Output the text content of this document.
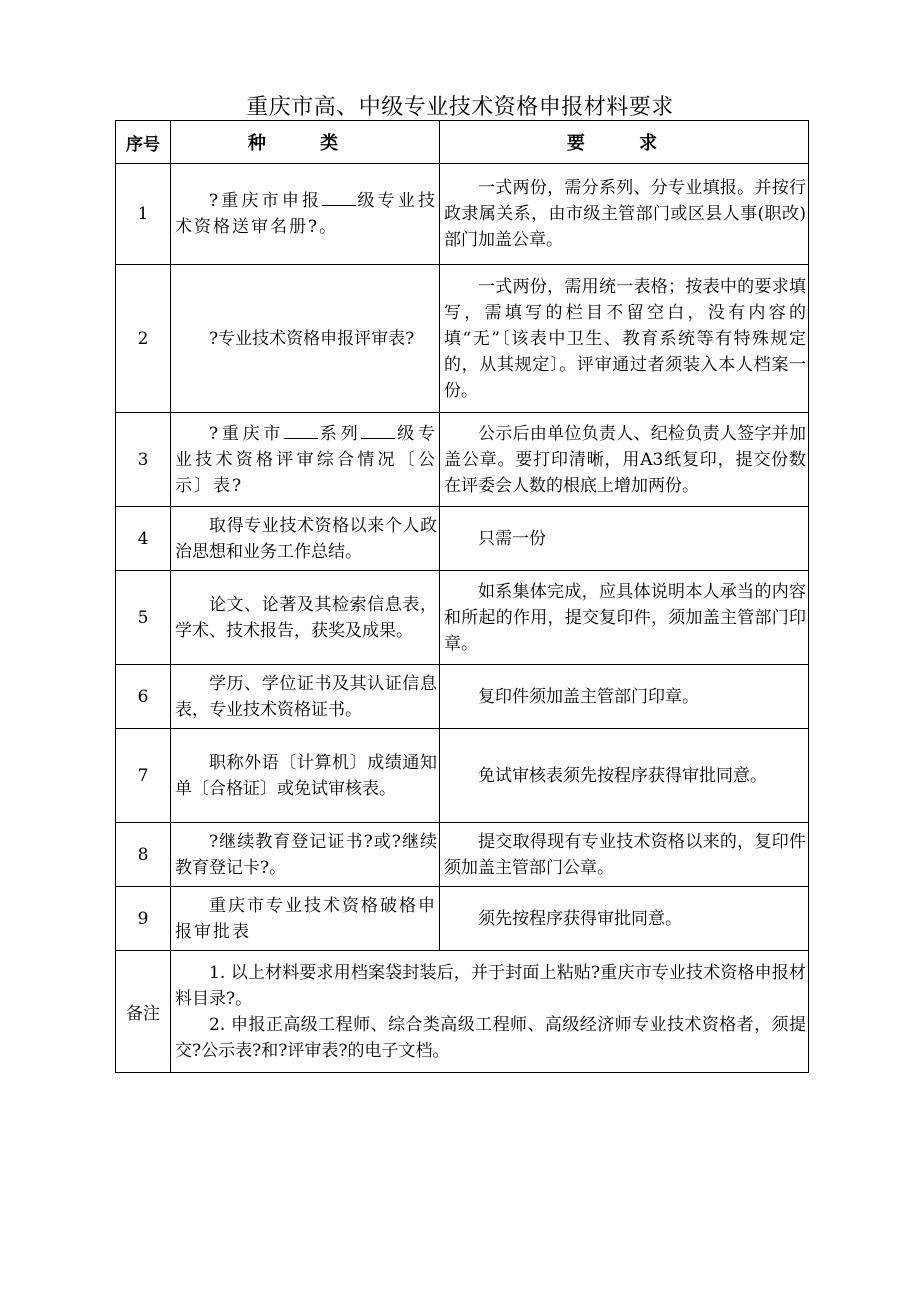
重庆市高、中级专业技术资格申报材料要求
序号	种 类	要 求
1	?重庆市申报 级专业技术资格送审名册?。	一式两份，需分系列、分专业填报。并按行政隶属关系，由市级主管部门或区县人事(职改)部门加盖公章。

2	?专业技术资格申报评审表?	一式两份，需用统一表格；按表中的要求填写，需填写的栏目不留空白，没有内容的填“无”〔该表中卫生、教育系统等有特殊规定的，从其规定〕。评审通过者须装入本人档案一份。

3	?重庆市 系列 级专业技术资格评审综合情况〔公示〕表?	公示后由单位负责人、纪检负责人签字并加盖公章。要打印清晰，用A3纸复印，提交份数在评委会人数的根底上增加两份。

4	取得专业技术资格以来个人政治思想和业务工作总结。	只需一份

5	论文、论著及其检索信息表，学术、技术报告，获奖及成果。	如系集体完成，应具体说明本人承当的内容和所起的作用，提交复印件，须加盖主管部门印章。

6	学历、学位证书及其认证信息表，专业技术资格证书。	复印件须加盖主管部门印章。

7	职称外语〔计算机〕成绩通知单〔合格证〕或免试审核表。	免试审核表须先按程序获得审批同意。

8	?继续教育登记证书?或?继续教育登记卡?。	提交取得现有专业技术资格以来的，复印件须加盖主管部门公章。

9	重庆市专业技术资格破格申报审批表	须先按程序获得审批同意。

备注	1. 以上材料要求用档案袋封装后，并于封面上粘贴?重庆市专业技术资格申报材料目录?。

2. 申报正高级工程师、综合类高级工程师、高级经济师专业技术资格者，须提交?公示表?和?评审表?的电子文档。	
